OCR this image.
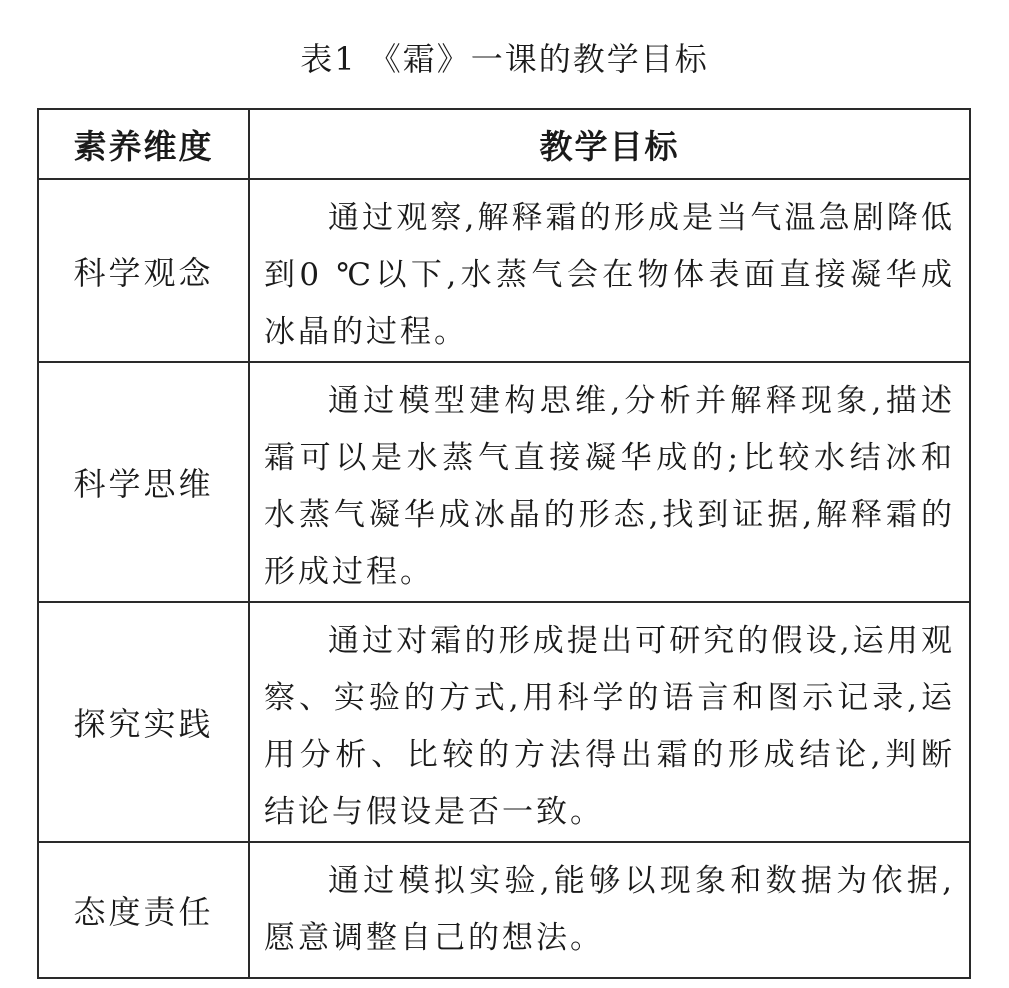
表1 《霜》一课的教学目标
素养维度	教学目标
科学观念	通过观察,解释霜的形成是当气温急剧降低到0 ℃以下,水蒸气会在物体表面直接凝华成冰晶的过程。

科学思维	通过模型建构思维,分析并解释现象,描述霜可以是水蒸气直接凝华成的;比较水结冰和水蒸气凝华成冰晶的形态,找到证据,解释霜的形成过程。

探究实践	通过对霜的形成提出可研究的假设,运用观察、实验的方式,用科学的语言和图示记录,运用分析、比较的方法得出霜的形成结论,判断结论与假设是否一致。

态度责任	通过模拟实验,能够以现象和数据为依据,愿意调整自己的想法。
